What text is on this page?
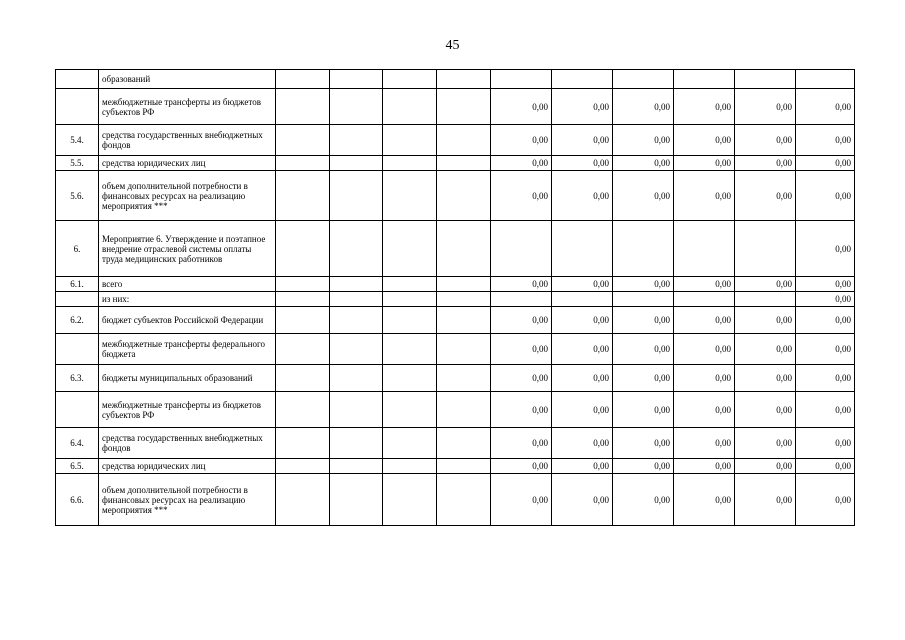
45
	образований										
	межбюджетные трансферты из бюджетов субъектов РФ					0,00	0,00	0,00	0,00	0,00	0,00
5.4.	средства государственных внебюджетных фондов					0,00	0,00	0,00	0,00	0,00	0,00
5.5.	средства юридических лиц					0,00	0,00	0,00	0,00	0,00	0,00
5.6.	объем дополнительной потребности в финансовых ресурсах на реализацию мероприятия ***					0,00	0,00	0,00	0,00	0,00	0,00
6.	Мероприятие 6. Утверждение и поэтапное внедрение отраслевой системы оплаты труда медицинских работников										0,00
6.1.	всего					0,00	0,00	0,00	0,00	0,00	0,00
	из них:										0,00
6.2.	бюджет субъектов Российской Федерации					0,00	0,00	0,00	0,00	0,00	0,00
	межбюджетные трансферты федерального бюджета					0,00	0,00	0,00	0,00	0,00	0,00
6.3.	бюджеты муниципальных образований					0,00	0,00	0,00	0,00	0,00	0,00
	межбюджетные трансферты из бюджетов субъектов РФ					0,00	0,00	0,00	0,00	0,00	0,00
6.4.	средства государственных внебюджетных фондов					0,00	0,00	0,00	0,00	0,00	0,00
6.5.	средства юридических лиц					0,00	0,00	0,00	0,00	0,00	0,00
6.6.	объем дополнительной потребности в финансовых ресурсах на реализацию мероприятия ***					0,00	0,00	0,00	0,00	0,00	0,00
